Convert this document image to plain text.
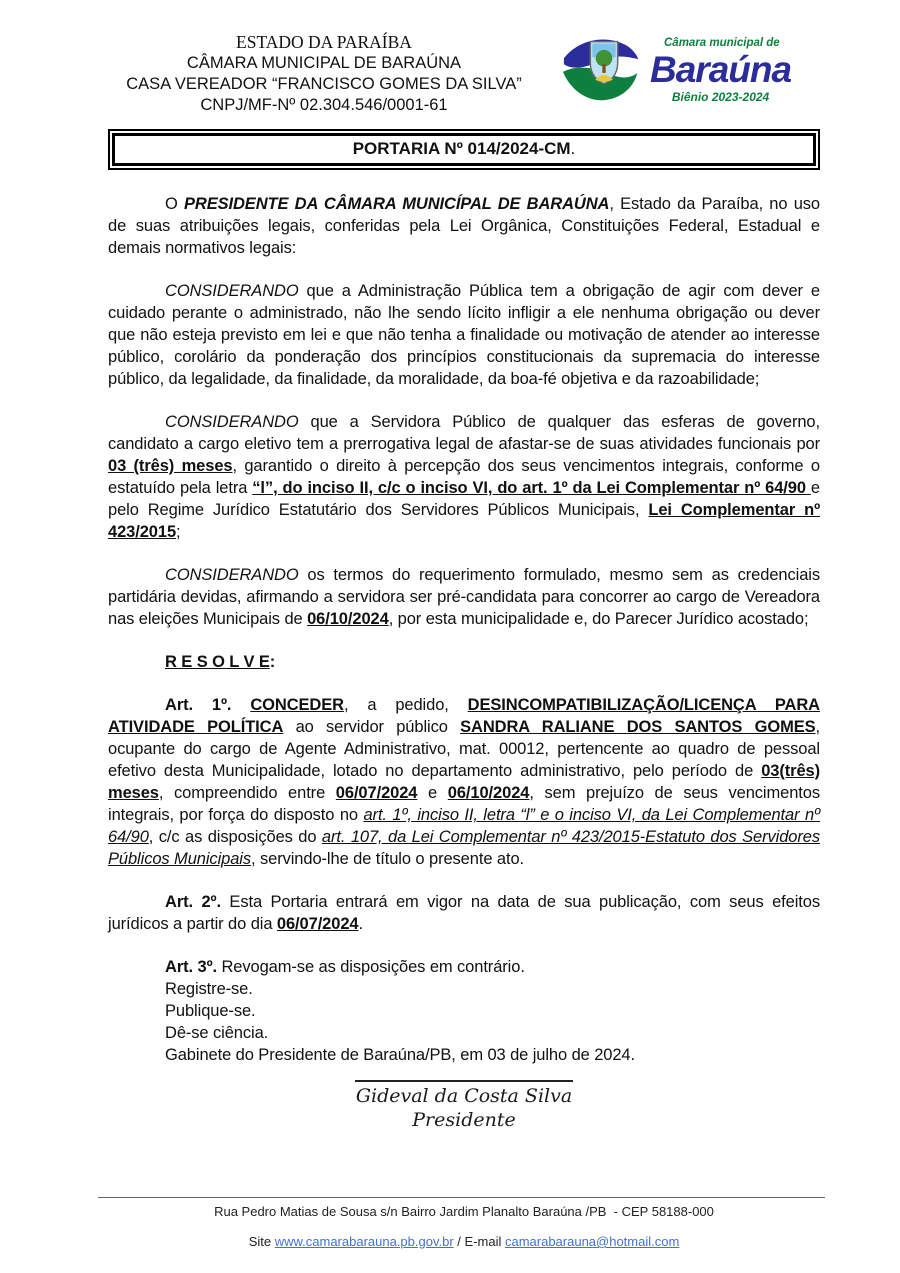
ESTADO DA PARAÍBA
CÂMARA MUNICIPAL DE BARAÚNA
CASA VEREADOR “FRANCISCO GOMES DA SILVA”
CNPJ/MF-Nº 02.304.546/0001-61
Câmara municipal de
Baraúna
Biênio 2023-2024
PORTARIA Nº 014/2024-CM.

O PRESIDENTE DA CÂMARA MUNICÍPAL DE BARAÚNA, Estado da Paraíba, no uso de suas atribuições legais, conferidas pela Lei Orgânica, Constituições Federal, Estadual e demais normativos legais:

CONSIDERANDO que a Administração Pública tem a obrigação de agir com dever e cuidado perante o administrado, não lhe sendo lícito infligir a ele nenhuma obrigação ou dever que não esteja previsto em lei e que não tenha a finalidade ou motivação de atender ao interesse público, corolário da ponderação dos princípios constitucionais da supremacia do interesse público, da legalidade, da finalidade, da moralidade, da boa-fé objetiva e da razoabilidade;

CONSIDERANDO que a Servidora Público de qualquer das esferas de governo, candidato a cargo eletivo tem a prerrogativa legal de afastar-se de suas atividades funcionais por 03 (três) meses, garantido o direito à percepção dos seus vencimentos integrais, conforme o estatuído pela letra “l”, do inciso II, c/c o inciso VI, do art. 1º da Lei Complementar nº 64/90 e pelo Regime Jurídico Estatutário dos Servidores Públicos Municipais, Lei Complementar nº 423/2015;

CONSIDERANDO os termos do requerimento formulado, mesmo sem as credenciais partidária devidas, afirmando a servidora ser pré-candidata para concorrer ao cargo de Vereadora nas eleições Municipais de 06/10/2024, por esta municipalidade e, do Parecer Jurídico acostado;

R E S O L V E:

Art. 1º. CONCEDER, a pedido, DESINCOMPATIBILIZAÇÃO/LICENÇA PARA ATIVIDADE POLÍTICA ao servidor público SANDRA RALIANE DOS SANTOS GOMES, ocupante do cargo de Agente Administrativo, mat. 00012, pertencente ao quadro de pessoal efetivo desta Municipalidade, lotado no departamento administrativo, pelo período de 03(três) meses, compreendido entre 06/07/2024 e 06/10/2024, sem prejuízo de seus vencimentos integrais, por força do disposto no art. 1º, inciso II, letra “l” e o inciso VI, da Lei Complementar nº 64/90, c/c as disposições do art. 107, da Lei Complementar nº 423/2015-Estatuto dos Servidores Públicos Municipais, servindo-lhe de título o presente ato.

Art. 2º. Esta Portaria entrará em vigor na data de sua publicação, com seus efeitos jurídicos a partir do dia 06/07/2024.

Art. 3º. Revogam-se as disposições em contrário.

Registre-se.

Publique-se.

Dê-se ciência.

Gabinete do Presidente de Baraúna/PB, em 03 de julho de 2024.

Gideval da Costa Silva
Presidente
Rua Pedro Matias de Sousa s/n Bairro Jardim Planalto Baraúna /PB  - CEP 58188-000
Site www.camarabarauna.pb.gov.br / E-mail camarabarauna@hotmail.com
